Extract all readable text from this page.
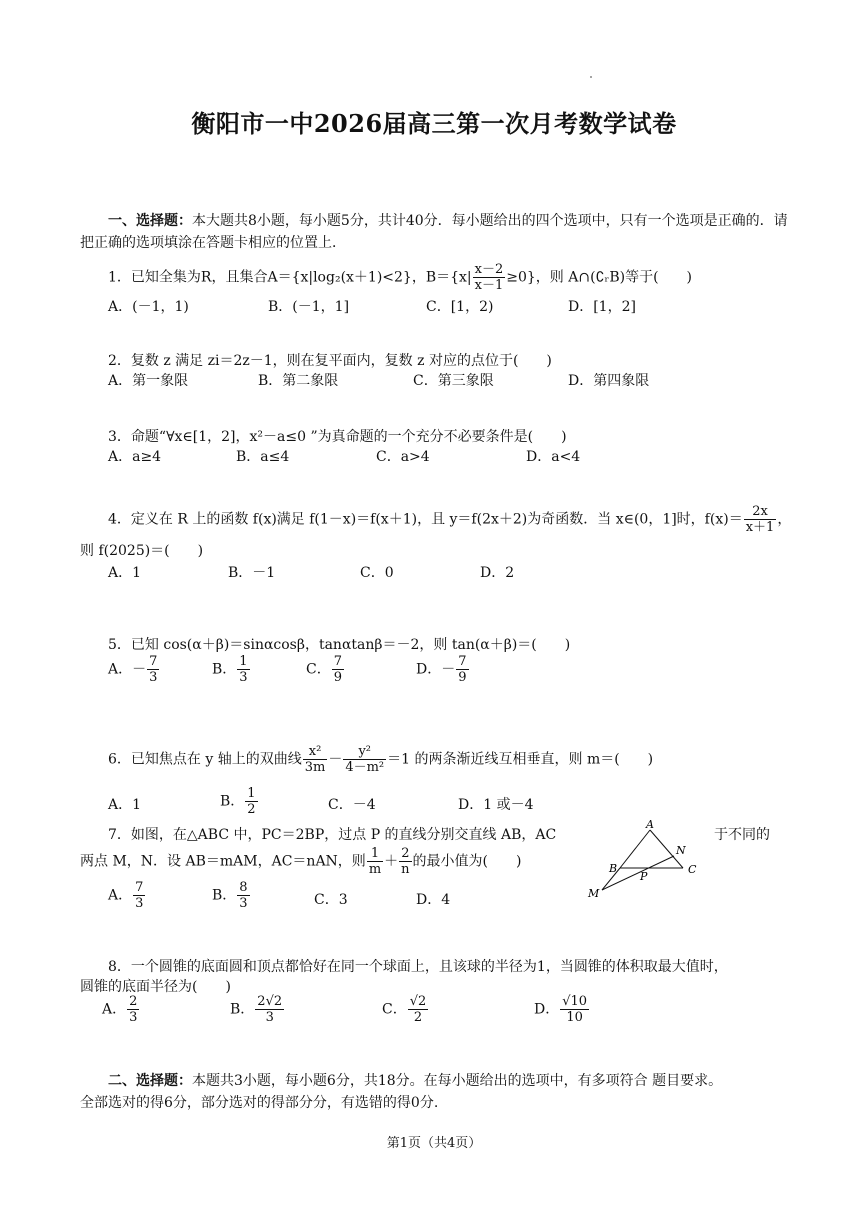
衡阳市一中2026届高三第一次月考数学试卷
一、选择题：本大题共8小题，每小题5分，共计40分．每小题给出的四个选项中，只有一个选项是正确的．请把正确的选项填涂在答题卡相应的位置上．
1．已知全集为R，且集合A＝{x|log₂(x＋1)<2}，$B=\{x| \frac{x-2}{x-1} \ge 0\}$，则 A∩(∁ᵣB)等于(　　)
A．(－1，1)	B．(－1，1]	C．[1，2)	D．[1，2]
2．复数 z 满足 zi＝2z－1，则在复平面内，复数 z 对应的点位于(　　)
A．第一象限	B．第二象限	C．第三象限	D．第四象限
3．命题“∀x∈[1，2]，x²－a≤0 ”为真命题的一个充分不必要条件是(　　)
A．a≥4	B．a≤4	C．a>4	D．a<4
4．定义在 R 上的函数 f(x)满足 f(1－x)＝f(x＋1)，且 y＝f(2x＋2)为奇函数．当 x∈(0，1]时，$f(x)= \frac{2x}{x+1}$ ，
则 f(2025)＝(　　)
A．1	B．－1	C．0	D．2
5．已知 cos(α＋β)＝sinαcosβ，tanαtanβ＝－2，则 tan(α＋β)＝(　　)
A．－ $\frac{7}{3}$	B． $\frac{1}{3}$	C． $\frac{7}{9}$	D．－ $\frac{7}{9}$
6．已知焦点在 y 轴上的双曲线 $\frac{\text{x²}}{3m} - \frac{\text{y²}}{\text{4－m²}} =1$ 的两条渐近线互相垂直，则 m＝(　　)
A．1	B． $\frac{1}{2}$	C．－4	D．1 或－4
7．如图，在△ABC 中，PC＝2BP，过点 P 的直线分别交直线 AB，AC	于不同的
两点 M，N．设 AB＝mAM，AC＝nAN，则 $\frac{1}{m} + \frac{2}{n}$ 的最小值为(　　)
A． $\frac{7}{3}$	B． $\frac{8}{3}$	C．3	D．4
A
B	C
N
P
M
8．一个圆锥的底面圆和顶点都恰好在同一个球面上，且该球的半径为1，当圆锥的体积取最大值时，
圆锥的底面半径为(　　)
A． $\frac{2}{3}$	B． $\frac{2√2}{3}$	C． $\frac{√2}{2}$	D． $\frac{√10}{10}$
二、选择题：本题共3小题，每小题6分，共18分。在每小题给出的选项中，有多项符合 题目要求。
全部选对的得6分，部分选对的得部分分，有选错的得0分.
第1页（共4页）
